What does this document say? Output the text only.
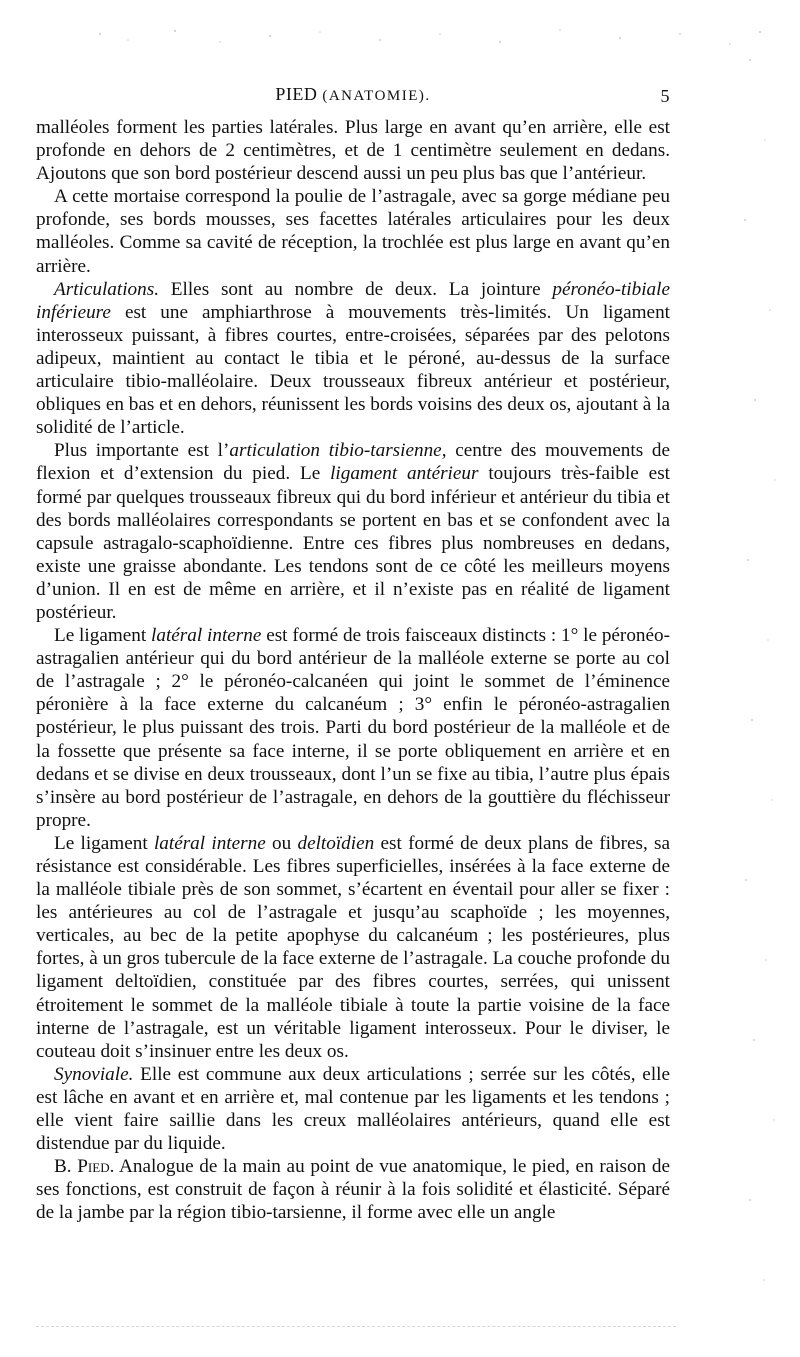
PIED (ANATOMIE).	5

malléoles forment les parties latérales. Plus large en avant qu’en arrière, elle est profonde en dehors de 2 centimètres, et de 1 centimètre seulement en dedans. Ajoutons que son bord postérieur descend aussi un peu plus bas que l’antérieur.

A cette mortaise correspond la poulie de l’astragale, avec sa gorge médiane peu profonde, ses bords mousses, ses facettes latérales articulaires pour les deux malléoles. Comme sa cavité de réception, la trochlée est plus large en avant qu’en arrière.

Articulations. Elles sont au nombre de deux. La jointure péronéo-tibiale inférieure est une amphiarthrose à mouvements très-limités. Un ligament interosseux puissant, à fibres courtes, entre-croisées, séparées par des pelotons adipeux, maintient au contact le tibia et le péroné, au-dessus de la surface articulaire tibio-malléolaire. Deux trousseaux fibreux antérieur et postérieur, obliques en bas et en dehors, réunissent les bords voisins des deux os, ajoutant à la solidité de l’article.

Plus importante est l’articulation tibio-tarsienne, centre des mouvements de flexion et d’extension du pied. Le ligament antérieur toujours très-faible est formé par quelques trousseaux fibreux qui du bord inférieur et antérieur du tibia et des bords malléolaires correspondants se portent en bas et se confondent avec la capsule astragalo-scaphoïdienne. Entre ces fibres plus nombreuses en dedans, existe une graisse abondante. Les tendons sont de ce côté les meilleurs moyens d’union. Il en est de même en arrière, et il n’existe pas en réalité de ligament postérieur.

Le ligament latéral interne est formé de trois faisceaux distincts : 1° le péronéo-astragalien antérieur qui du bord antérieur de la malléole externe se porte au col de l’astragale ; 2° le péronéo-calcanéen qui joint le sommet de l’éminence péronière à la face externe du calcanéum ; 3° enfin le péronéo-astragalien postérieur, le plus puissant des trois. Parti du bord postérieur de la malléole et de la fossette que présente sa face interne, il se porte obliquement en arrière et en dedans et se divise en deux trousseaux, dont l’un se fixe au tibia, l’autre plus épais s’insère au bord postérieur de l’astragale, en dehors de la gouttière du fléchisseur propre.

Le ligament latéral interne ou deltoïdien est formé de deux plans de fibres, sa résistance est considérable. Les fibres superficielles, insérées à la face externe de la malléole tibiale près de son sommet, s’écartent en éventail pour aller se fixer : les antérieures au col de l’astragale et jusqu’au scaphoïde ; les moyennes, verticales, au bec de la petite apophyse du calcanéum ; les postérieures, plus fortes, à un gros tubercule de la face externe de l’astragale. La couche profonde du ligament deltoïdien, constituée par des fibres courtes, serrées, qui unissent étroitement le sommet de la malléole tibiale à toute la partie voisine de la face interne de l’astragale, est un véritable ligament interosseux. Pour le diviser, le couteau doit s’insinuer entre les deux os.

Synoviale. Elle est commune aux deux articulations ; serrée sur les côtés, elle est lâche en avant et en arrière et, mal contenue par les ligaments et les tendons ; elle vient faire saillie dans les creux malléolaires antérieurs, quand elle est distendue par du liquide.

B. Pied. Analogue de la main au point de vue anatomique, le pied, en raison de ses fonctions, est construit de façon à réunir à la fois solidité et élasticité. Séparé de la jambe par la région tibio-tarsienne, il forme avec elle un angle
